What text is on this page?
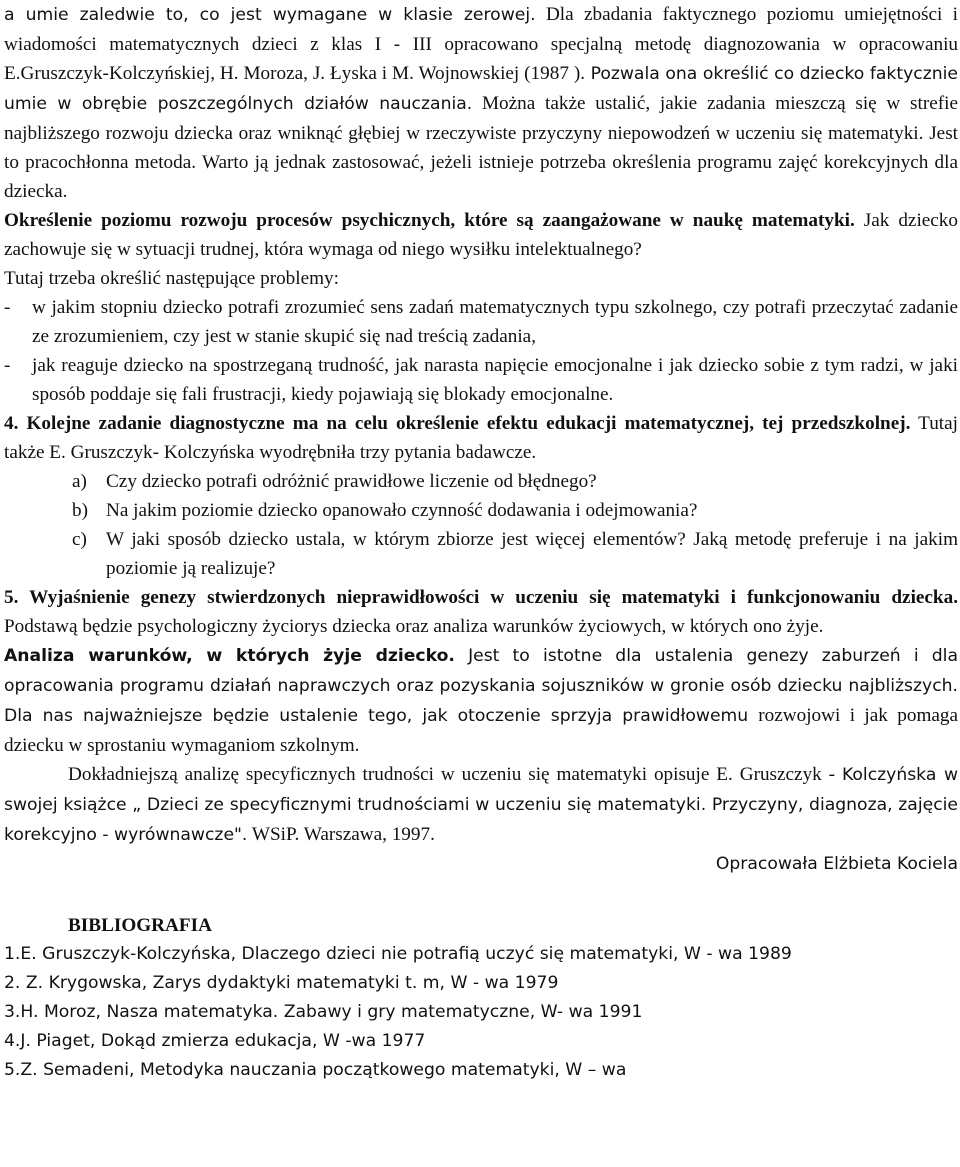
a umie zaledwie to, co jest wymagane w klasie zerowej. Dla zbadania faktycznego poziomu umiejętności i wiadomości matematycznych dzieci z klas I - III opracowano specjalną metodę diagnozowania w opracowaniu E.Gruszczyk-Kolczyńskiej, H. Moroza, J. Łyska i M. Wojnowskiej (1987 ). Pozwala ona określić co dziecko faktycznie umie w obrębie poszczególnych działów nauczania. Można także ustalić, jakie zadania mieszczą się w strefie najbliższego rozwoju dziecka oraz wniknąć głębiej w rzeczywiste przyczyny niepowodzeń w uczeniu się matematyki. Jest to pracochłonna metoda. Warto ją jednak zastosować, jeżeli istnieje potrzeba określenia programu zajęć korekcyjnych dla dziecka.

Określenie poziomu rozwoju procesów psychicznych, które są zaangażowane w naukę matematyki. Jak dziecko zachowuje się w sytuacji trudnej, która wymaga od niego wysiłku intelektualnego?

Tutaj trzeba określić następujące problemy:

-	w jakim stopniu dziecko potrafi zrozumieć sens zadań matematycznych typu szkolnego, czy potrafi przeczytać zadanie ze zrozumieniem, czy jest w stanie skupić się nad treścią zadania,
-	jak reaguje dziecko na spostrzeganą trudność, jak narasta napięcie emocjonalne i jak dziecko sobie z tym radzi, w jaki sposób poddaje się fali frustracji, kiedy pojawiają się blokady emocjonalne.

4. Kolejne zadanie diagnostyczne ma na celu określenie efektu edukacji matematycznej, tej przedszkolnej. Tutaj także E. Gruszczyk- Kolczyńska wyodrębniła trzy pytania badawcze.

a) Czy dziecko potrafi odróżnić prawidłowe liczenie od błędnego?
b) Na jakim poziomie dziecko opanowało czynność dodawania i odejmowania?
c) W jaki sposób dziecko ustala, w którym zbiorze jest więcej elementów? Jaką metodę preferuje i na jakim poziomie ją realizuje?

5. Wyjaśnienie genezy stwierdzonych nieprawidłowości w uczeniu się matematyki i funkcjonowaniu dziecka. Podstawą będzie psychologiczny życiorys dziecka oraz analiza warunków życiowych, w których ono żyje.

Analiza warunków, w których żyje dziecko. Jest to istotne dla ustalenia genezy zaburzeń i dla opracowania programu działań naprawczych oraz pozyskania sojuszników w gronie osób dziecku najbliższych. Dla nas najważniejsze będzie ustalenie tego, jak otoczenie sprzyja prawidłowemu rozwojowi i jak pomaga dziecku w sprostaniu wymaganiom szkolnym.

Dokładniejszą analizę specyficznych trudności w uczeniu się matematyki opisuje E. Gruszczyk - Kolczyńska w swojej książce „ Dzieci ze specyficznymi trudnościami w uczeniu się matematyki. Przyczyny, diagnoza, zajęcie korekcyjno - wyrównawcze". WSiP. Warszawa, 1997.

Opracowała Elżbieta Kociela

BIBLIOGRAFIA

1.E. Gruszczyk-Kolczyńska, Dlaczego dzieci nie potrafią uczyć się matematyki, W - wa 1989

2. Z. Krygowska, Zarys dydaktyki matematyki t. m, W - wa 1979

3.H. Moroz, Nasza matematyka. Zabawy i gry matematyczne, W- wa 1991

4.J. Piaget, Dokąd zmierza edukacja, W -wa 1977

5.Z. Semadeni, Metodyka nauczania początkowego matematyki, W – wa
